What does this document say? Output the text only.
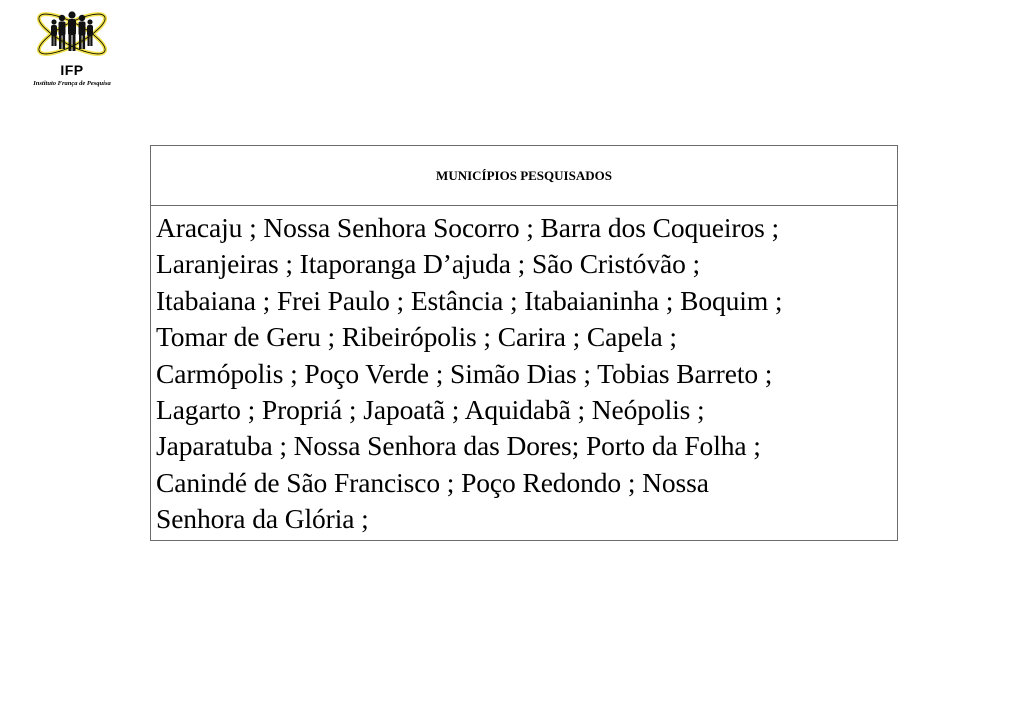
IFP
Instituto França de Pesquisa
MUNICÍPIOS PESQUISADOS
Aracaju ; Nossa Senhora Socorro ; Barra dos Coqueiros ;
Laranjeiras ; Itaporanga D’ajuda ; São Cristóvão ;
Itabaiana ; Frei Paulo ; Estância ; Itabaianinha ; Boquim ;
Tomar de Geru ; Ribeirópolis ; Carira ; Capela ;
Carmópolis ; Poço Verde ; Simão Dias ; Tobias Barreto ;
Lagarto ; Propriá ; Japoatã ; Aquidabã ; Neópolis ;
Japaratuba ; Nossa Senhora das Dores; Porto da Folha ;
Canindé de São Francisco ; Poço Redondo ; Nossa
Senhora da Glória ;
